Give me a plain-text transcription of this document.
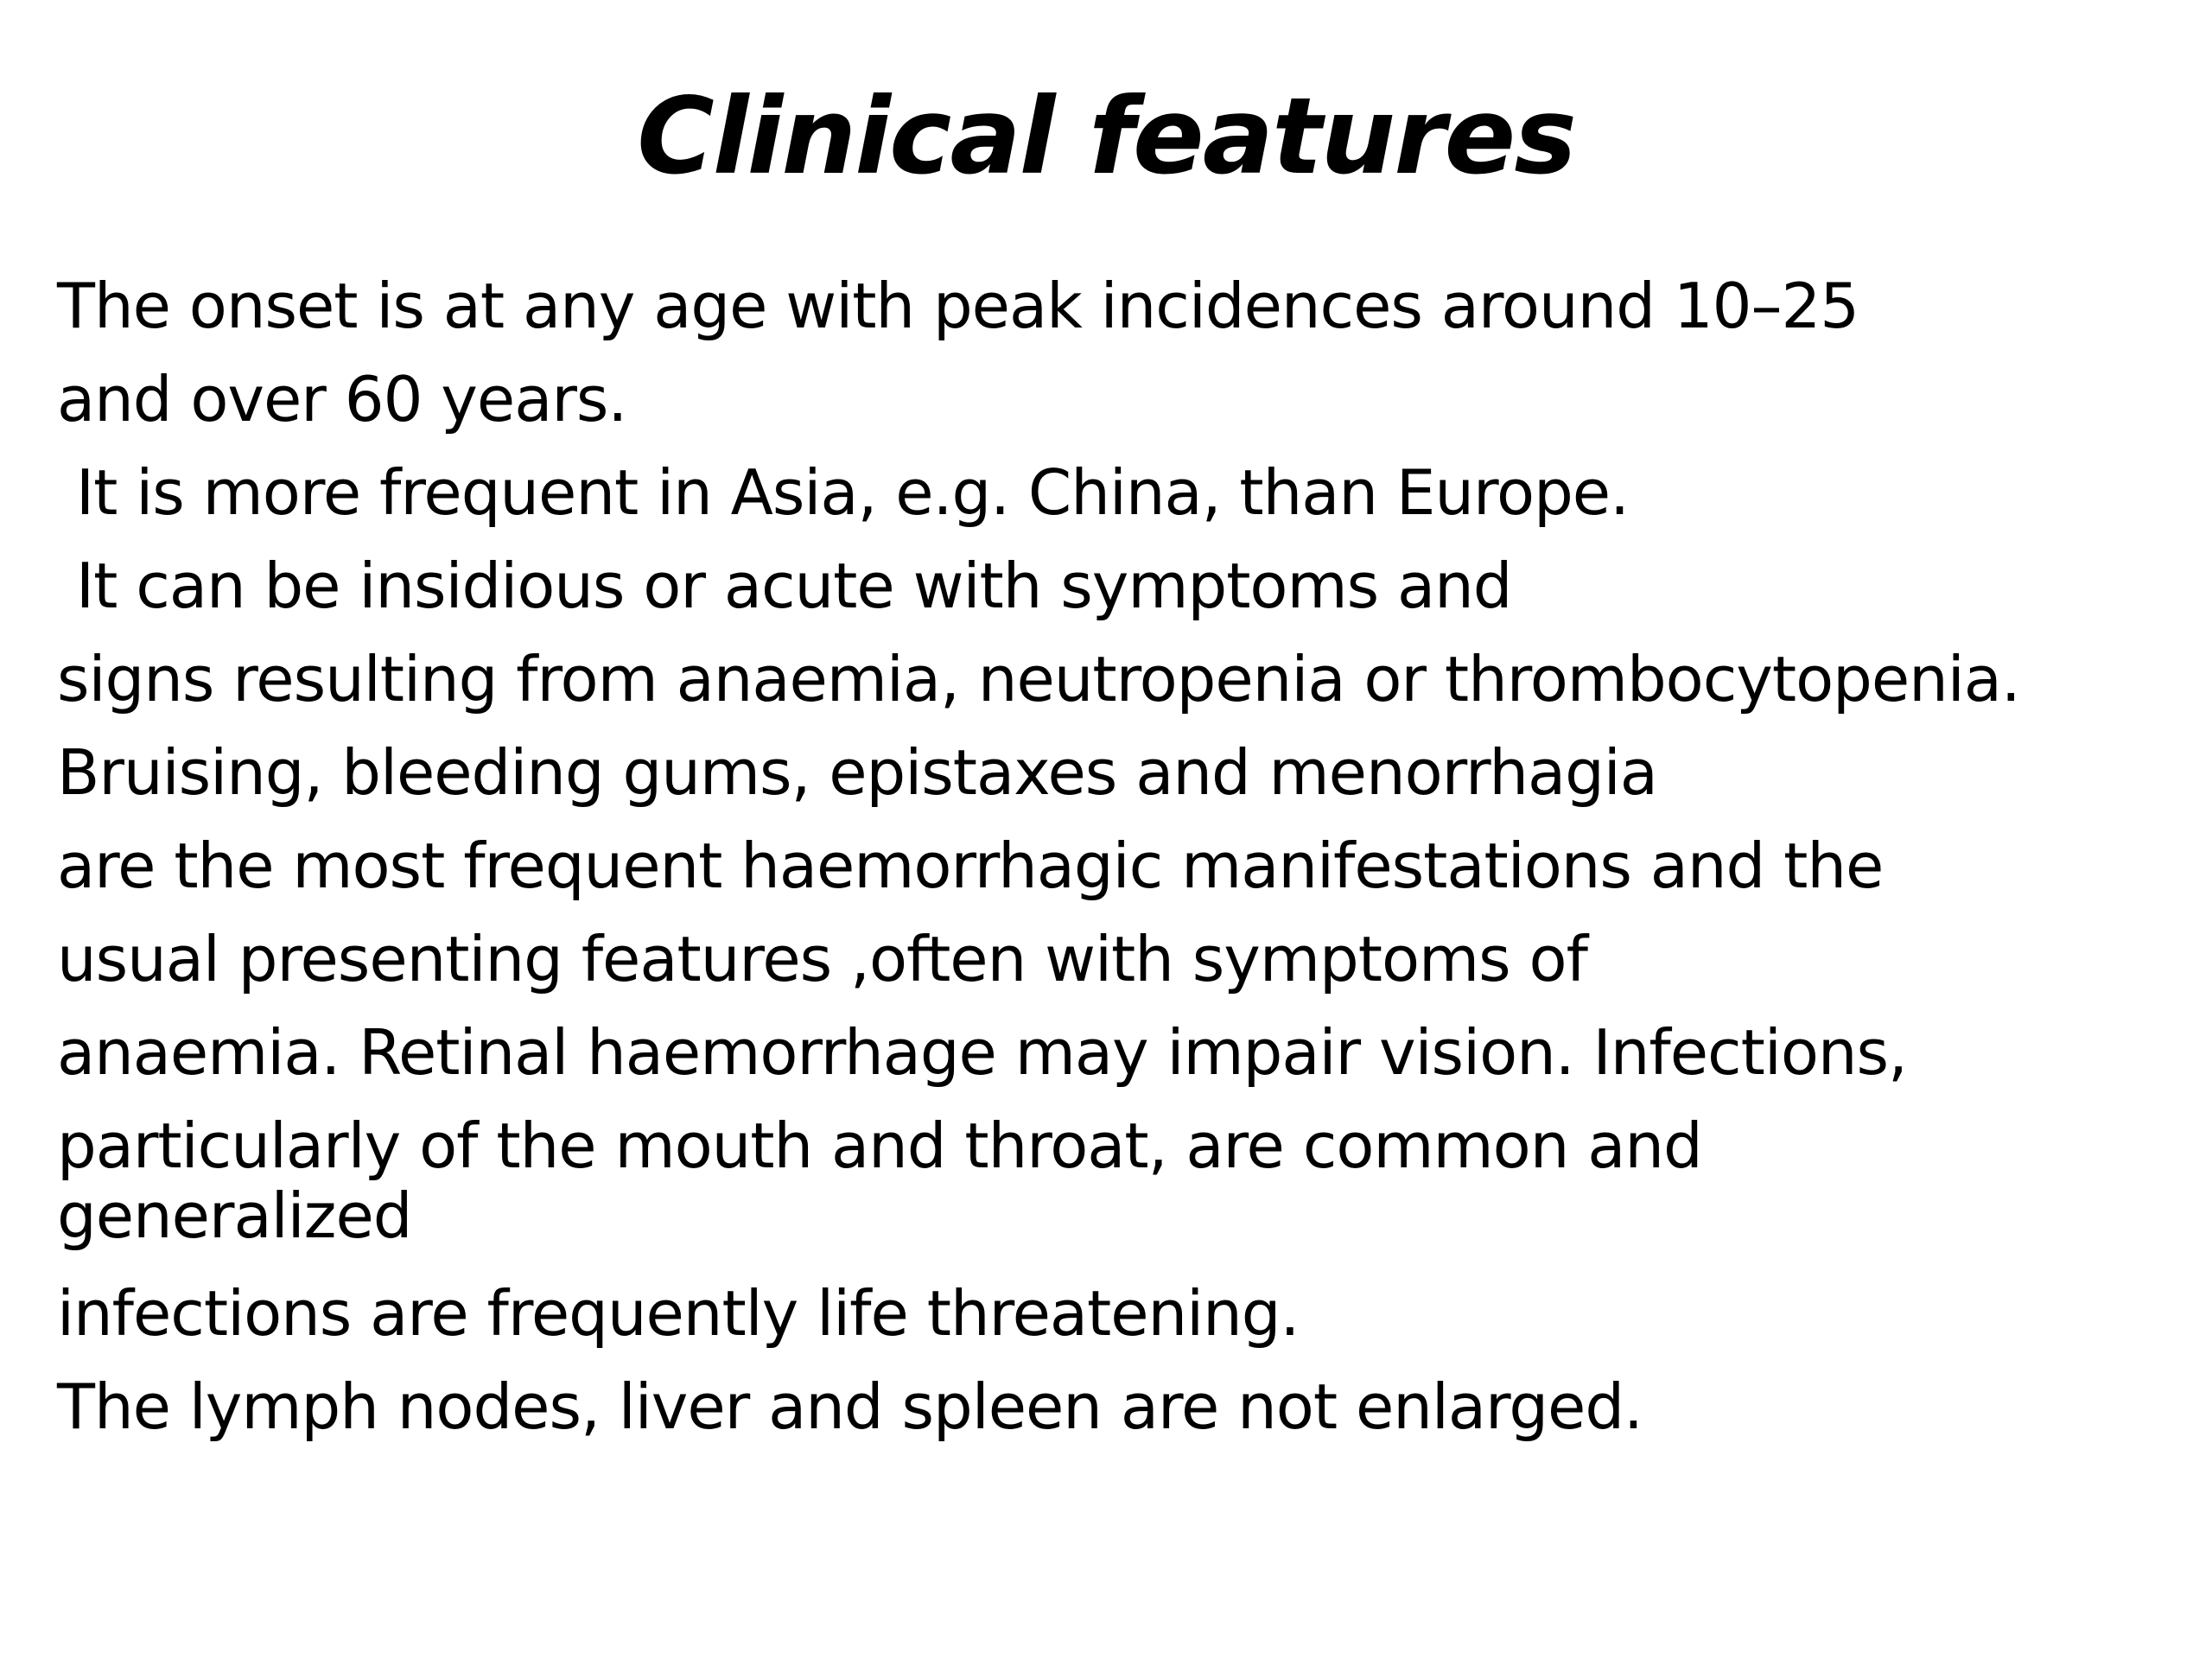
Clinical features
The onset is at any age with peak incidences around 10–25
and over 60 years.
It is more frequent in Asia, e.g. China, than Europe.
It can be insidious or acute with symptoms and
signs resulting from anaemia, neutropenia or thrombocytopenia.
Bruising, bleeding gums, epistaxes and menorrhagia
are the most frequent haemorrhagic manifestations and the
usual presenting features ,often with symptoms of
anaemia. Retinal haemorrhage may impair vision. Infections,
particularly of the mouth and throat, are common and
generalized
infections are frequently life threatening.
The lymph nodes, liver and spleen are not enlarged.
